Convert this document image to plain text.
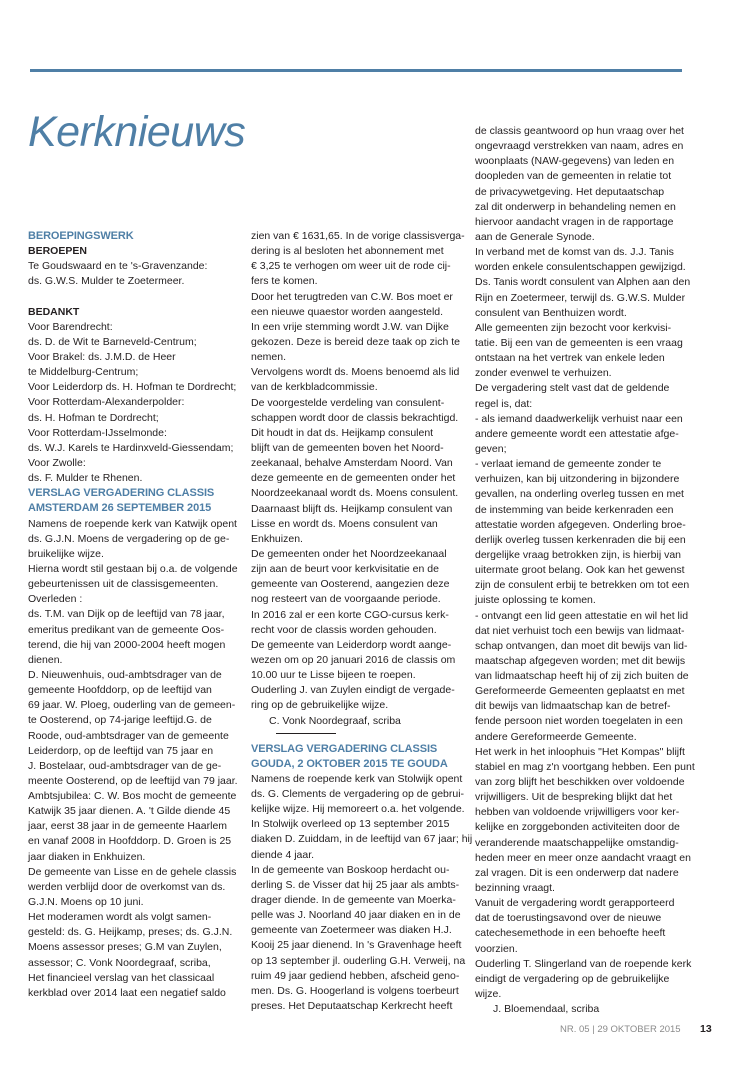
Kerknieuws
BEROEPINGSWERK
BEROEPEN
Te Goudswaard en te 's-Gravenzande:
ds. G.W.S. Mulder te Zoetermeer.
BEDANKT
Voor Barendrecht:
ds. D. de Wit te Barneveld-Centrum;
Voor Brakel: ds. J.M.D. de Heer
te Middelburg-Centrum;
Voor Leiderdorp ds. H. Hofman te Dordrecht;
Voor Rotterdam-Alexanderpolder:
ds. H. Hofman te Dordrecht;
Voor Rotterdam-IJsselmonde:
ds. W.J. Karels te Hardinxveld-Giessendam;
Voor Zwolle:
ds. F. Mulder te Rhenen.
VERSLAG VERGADERING CLASSIS
AMSTERDAM 26 SEPTEMBER 2015
Namens de roepende kerk van Katwijk opent
ds. G.J.N. Moens de vergadering op de ge-
bruikelijke wijze.
Hierna wordt stil gestaan bij o.a. de volgende
gebeurtenissen uit de classisgemeenten.
Overleden :
ds. T.M. van Dijk op de leeftijd van 78 jaar,
emeritus predikant van de gemeente Oos-
terend, die hij van 2000-2004 heeft mogen
dienen.
D. Nieuwenhuis, oud-ambtsdrager van de
gemeente Hoofddorp, op de leeftijd van
69 jaar. W. Ploeg, ouderling van de gemeen-
te Oosterend, op 74-jarige leeftijd.G. de
Roode, oud-ambtsdrager van de gemeente
Leiderdorp, op de leeftijd van 75 jaar en
J. Bostelaar, oud-ambtsdrager van de ge-
meente Oosterend, op de leeftijd van 79 jaar.
Ambtsjubilea: C. W. Bos mocht de gemeente
Katwijk 35 jaar dienen. A. 't Gilde diende 45
jaar, eerst 38 jaar in de gemeente Haarlem
en vanaf 2008 in Hoofddorp. D. Groen is 25
jaar diaken in Enkhuizen.
De gemeente van Lisse en de gehele classis
werden verblijd door de overkomst van ds.
G.J.N. Moens op 10 juni.
Het moderamen wordt als volgt samen-
gesteld: ds. G. Heijkamp, preses; ds. G.J.N.
Moens assessor preses; G.M van Zuylen,
assessor; C. Vonk Noordegraaf, scriba,
Het financieel verslag van het classicaal
kerkblad over 2014 laat een negatief saldo
zien van € 1631,65. In de vorige classisverga-
dering is al besloten het abonnement met
€ 3,25 te verhogen om weer uit de rode cij-
fers te komen.
Door het terugtreden van C.W. Bos moet er
een nieuwe quaestor worden aangesteld.
In een vrije stemming wordt J.W. van Dijke
gekozen. Deze is bereid deze taak op zich te
nemen.
Vervolgens wordt ds. Moens benoemd als lid
van de kerkbladcommissie.
De voorgestelde verdeling van consulent-
schappen wordt door de classis bekrachtigd.
Dit houdt in dat ds. Heijkamp consulent
blijft van de gemeenten boven het Noord-
zeekanaal, behalve Amsterdam Noord. Van
deze gemeente en de gemeenten onder het
Noordzeekanaal wordt ds. Moens consulent.
Daarnaast blijft ds. Heijkamp consulent van
Lisse en wordt ds. Moens consulent van
Enkhuizen.
De gemeenten onder het Noordzeekanaal
zijn aan de beurt voor kerkvisitatie en de
gemeente van Oosterend, aangezien deze
nog resteert van de voorgaande periode.
In 2016 zal er een korte CGO-cursus kerk-
recht voor de classis worden gehouden.
De gemeente van Leiderdorp wordt aange-
wezen om op 20 januari 2016 de classis om
10.00 uur te Lisse bijeen te roepen.
Ouderling J. van Zuylen eindigt de vergade-
ring op de gebruikelijke wijze.
C. Vonk Noordegraaf, scriba
VERSLAG VERGADERING CLASSIS
GOUDA, 2 OKTOBER 2015 TE GOUDA
Namens de roepende kerk van Stolwijk opent
ds. G. Clements de vergadering op de gebrui-
kelijke wijze. Hij memoreert o.a. het volgende.
In Stolwijk overleed op 13 september 2015
diaken D. Zuiddam, in de leeftijd van 67 jaar; hij
diende 4 jaar.
In de gemeente van Boskoop herdacht ou-
derling S. de Visser dat hij 25 jaar als ambts-
drager diende. In de gemeente van Moerka-
pelle was J. Noorland 40 jaar diaken en in de
gemeente van Zoetermeer was diaken H.J.
Kooij 25 jaar dienend. In 's Gravenhage heeft
op 13 september jl. ouderling G.H. Verweij, na
ruim 49 jaar gediend hebben, afscheid geno-
men. Ds. G. Hoogerland is volgens toerbeurt
preses. Het Deputaatschap Kerkrecht heeft
de classis geantwoord op hun vraag over het
ongevraagd verstrekken van naam, adres en
woonplaats (NAW-gegevens) van leden en
doopleden van de gemeenten in relatie tot
de privacywetgeving. Het deputaatschap
zal dit onderwerp in behandeling nemen en
hiervoor aandacht vragen in de rapportage
aan de Generale Synode.
In verband met de komst van ds. J.J. Tanis
worden enkele consulentschappen gewijzigd.
Ds. Tanis wordt consulent van Alphen aan den
Rijn en Zoetermeer, terwijl ds. G.W.S. Mulder
consulent van Benthuizen wordt.
Alle gemeenten zijn bezocht voor kerkvisi-
tatie. Bij een van de gemeenten is een vraag
ontstaan na het vertrek van enkele leden
zonder evenwel te verhuizen.
De vergadering stelt vast dat de geldende
regel is, dat:
- als iemand daadwerkelijk verhuist naar een
andere gemeente wordt een attestatie afge-
geven;
- verlaat iemand de gemeente zonder te
verhuizen, kan bij uitzondering in bijzondere
gevallen, na onderling overleg tussen en met
de instemming van beide kerkenraden een
attestatie worden afgegeven. Onderling broe-
derlijk overleg tussen kerkenraden die bij een
dergelijke vraag betrokken zijn, is hierbij van
uitermate groot belang. Ook kan het gewenst
zijn de consulent erbij te betrekken om tot een
juiste oplossing te komen.
- ontvangt een lid geen attestatie en wil het lid
dat niet verhuist toch een bewijs van lidmaat-
schap ontvangen, dan moet dit bewijs van lid-
maatschap afgegeven worden; met dit bewijs
van lidmaatschap heeft hij of zij zich buiten de
Gereformeerde Gemeenten geplaatst en met
dit bewijs van lidmaatschap kan de betref-
fende persoon niet worden toegelaten in een
andere Gereformeerde Gemeente.
Het werk in het inloophuis "Het Kompas" blijft
stabiel en mag z'n voortgang hebben. Een punt
van zorg blijft het beschikken over voldoende
vrijwilligers. Uit de bespreking blijkt dat het
hebben van voldoende vrijwilligers voor ker-
kelijke en zorggebonden activiteiten door de
veranderende maatschappelijke omstandig-
heden meer en meer onze aandacht vraagt en
zal vragen. Dit is een onderwerp dat nadere
bezinning vraagt.
Vanuit de vergadering wordt gerapporteerd
dat de toerustingsavond over de nieuwe
catechesemethode in een behoefte heeft
voorzien.
Ouderling T. Slingerland van de roepende kerk
eindigt de vergadering op de gebruikelijke
wijze.
J. Bloemendaal, scriba
NR. 05 | 29 OKTOBER 2015 13
